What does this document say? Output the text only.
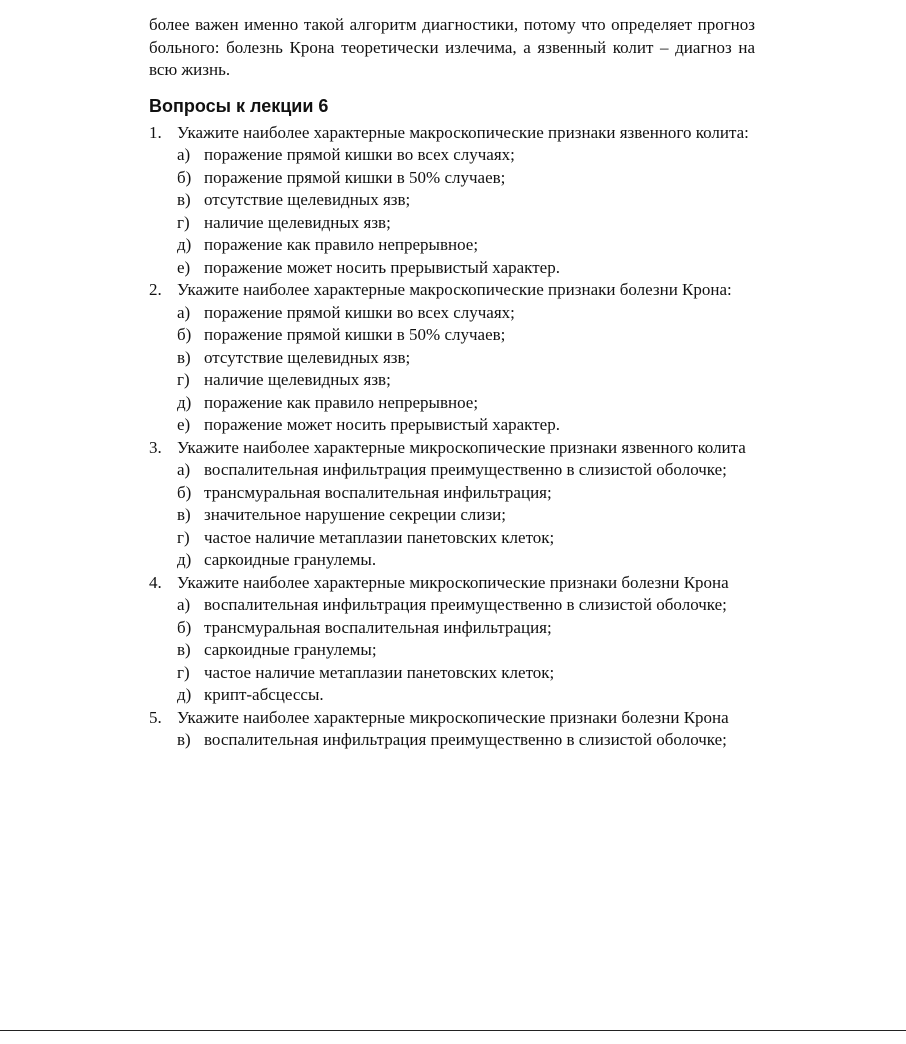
более важен именно такой алгоритм диагностики, потому что определяет прогноз больного: болезнь Крона теоретически излечима, а язвенный колит – диагноз на всю жизнь.

Вопросы к лекции 6
1. Укажите наиболее характерные макроскопические признаки язвенного колита:
а) поражение прямой кишки во всех случаях;
б) поражение прямой кишки в 50% случаев;
в) отсутствие щелевидных язв;
г) наличие щелевидных язв;
д) поражение как правило непрерывное;
е) поражение может носить прерывистый характер.
2. Укажите наиболее характерные макроскопические признаки болезни Крона:
а) поражение прямой кишки во всех случаях;
б) поражение прямой кишки в 50% случаев;
в) отсутствие щелевидных язв;
г) наличие щелевидных язв;
д) поражение как правило непрерывное;
е) поражение может носить прерывистый характер.
3. Укажите наиболее характерные микроскопические признаки язвенного колита
а) воспалительная инфильтрация преимущественно в слизистой оболочке;
б) трансмуральная воспалительная инфильтрация;
в) значительное нарушение секреции слизи;
г) частое наличие метаплазии панетовских клеток;
д) саркоидные гранулемы.
4. Укажите наиболее характерные микроскопические признаки болезни Крона
а) воспалительная инфильтрация преимущественно в слизистой оболочке;
б) трансмуральная воспалительная инфильтрация;
в) саркоидные гранулемы;
г) частое наличие метаплазии панетовских клеток;
д) крипт-абсцессы.
5. Укажите наиболее характерные микроскопические признаки болезни Крона
в) воспалительная инфильтрация преимущественно в слизистой оболочке;
